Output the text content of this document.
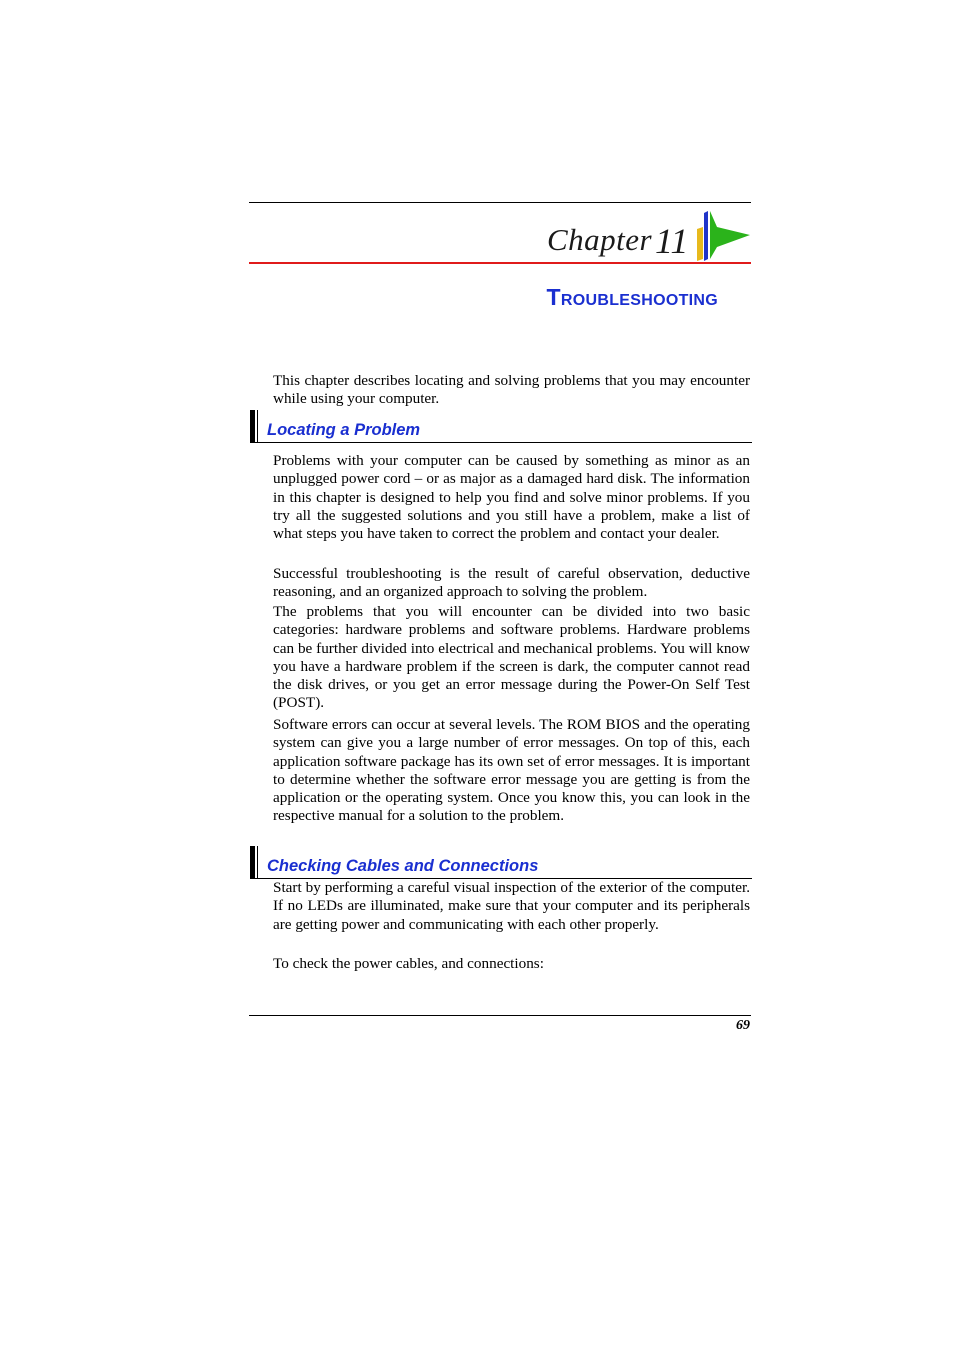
Chapter 11
Troubleshooting

This chapter describes locating and solving problems that you may encounter while using your computer.

Locating a Problem

Problems with your computer can be caused by something as minor as an unplugged power cord – or as major as a damaged hard disk. The information in this chapter is designed to help you find and solve minor problems. If you try all the suggested solutions and you still have a problem, make a list of what steps you have taken to correct the problem and contact your dealer.

Successful troubleshooting is the result of careful observation, deductive reasoning, and an organized approach to solving the problem.

The problems that you will encounter can be divided into two basic categories: hardware problems and software problems. Hardware problems can be further divided into electrical and mechanical problems. You will know you have a hardware problem if the screen is dark, the computer cannot read the disk drives, or you get an error message during the Power-On Self Test (POST).

Software errors can occur at several levels. The ROM BIOS and the operating system can give you a large number of error messages. On top of this, each application software package has its own set of error messages. It is important to determine whether the software error message you are getting is from the application or the operating system. Once you know this, you can look in the respective manual for a solution to the problem.

Checking Cables and Connections

Start by performing a careful visual inspection of the exterior of the computer. If no LEDs are illuminated, make sure that your computer and its peripherals are getting power and communicating with each other properly.

To check the power cables, and connections:

69
